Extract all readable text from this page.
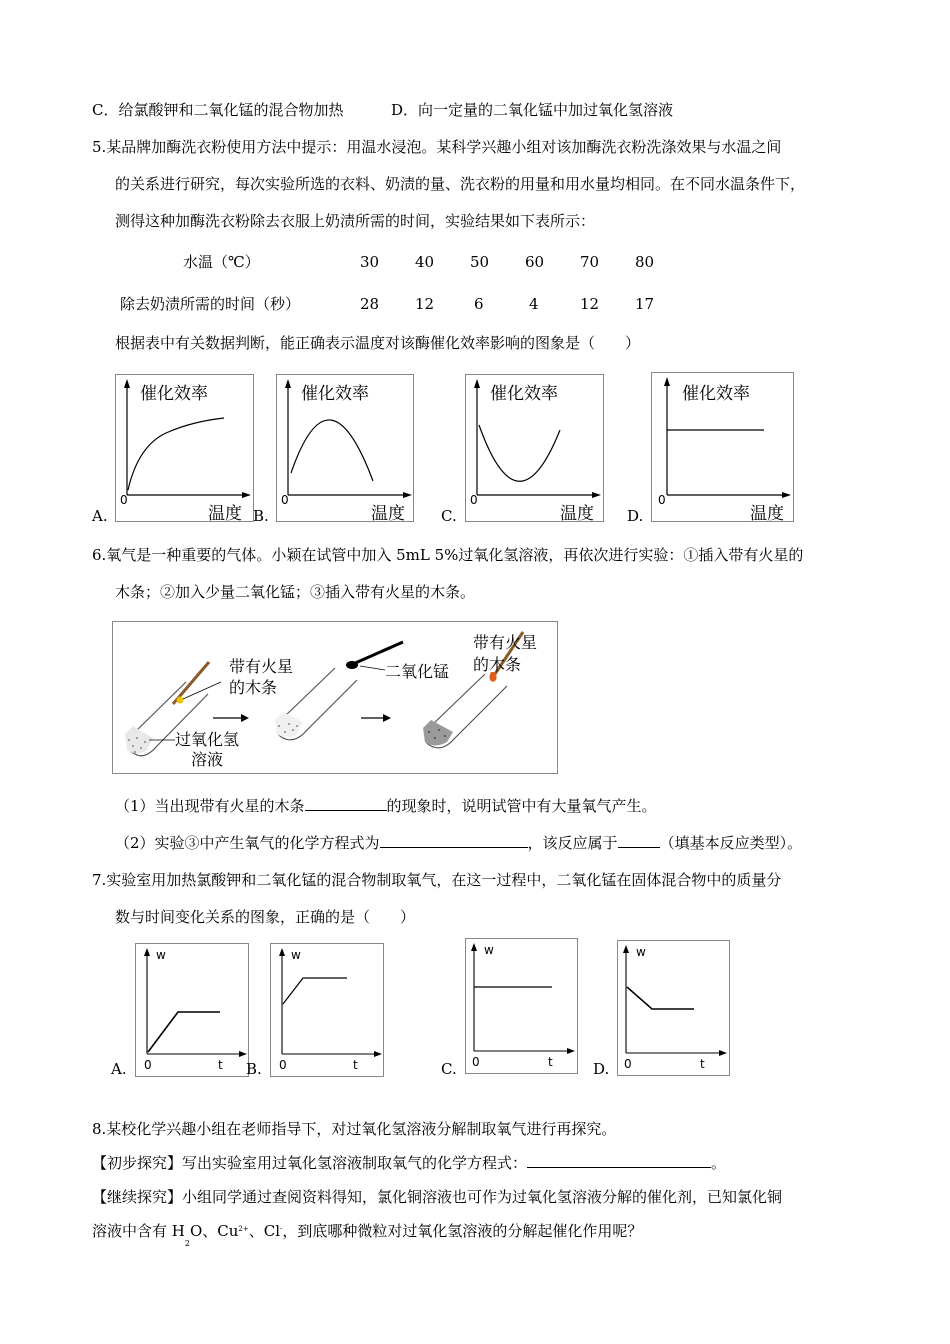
C．给氯酸钾和二氧化锰的混合物加热	D．向一定量的二氧化锰中加过氧化氢溶液
5.某品牌加酶洗衣粉使用方法中提示：用温水浸泡。某科学兴趣小组对该加酶洗衣粉洗涤效果与水温之间
的关系进行研究，每次实验所选的衣料、奶渍的量、洗衣粉的用量和用水量均相同。在不同水温条件下，
测得这种加酶洗衣粉除去衣服上奶渍所需的时间，实验结果如下表所示：
水温（℃）	30 40 50 60 70 80
除去奶渍所需的时间（秒）	28 12	6	4	12 17
根据表中有关数据判断，能正确表示温度对该酶催化效率影响的图象是（　　）
A.
催化效率
0
温度 B.
催化效率
0
温度 C.
催化效率
0
温度 D.
催化效率
0
温度
6.氧气是一种重要的气体。小颖在试管中加入 5mL 5%过氧化氢溶液，再依次进行实验：①插入带有火星的
木条；②加入少量二氧化锰；③插入带有火星的木条。
带有火星
的木条
过氧化氢
溶液
二氧化锰
带有火星
的木条
（1）当出现带有火星的木条	的现象时，说明试管中有大量氧气产生。
（2）实验③中产生氧气的化学方程式为	，该反应属于	（填基本反应类型）。
7.实验室用加热氯酸钾和二氧化锰的混合物制取氧气，在这一过程中，二氧化锰在固体混合物中的质量分
数与时间变化关系的图象，正确的是（　　）
A.
w
0	t B.
w
0	t	C.
w
0	t	D.
w
0	t
8.某校化学兴趣小组在老师指导下，对过氧化氢溶液分解制取氧气进行再探究。
【初步探究】写出实验室用过氧化氢溶液制取氧气的化学方程式：	。
【继续探究】小组同学通过查阅资料得知，氯化铜溶液也可作为过氧化氢溶液分解的催化剂，已知氯化铜
溶液中含有 $H_2O$、$Cu^{2+}$、Cl-，到底哪种微粒对过氧化氢溶液的分解起催化作用呢？
